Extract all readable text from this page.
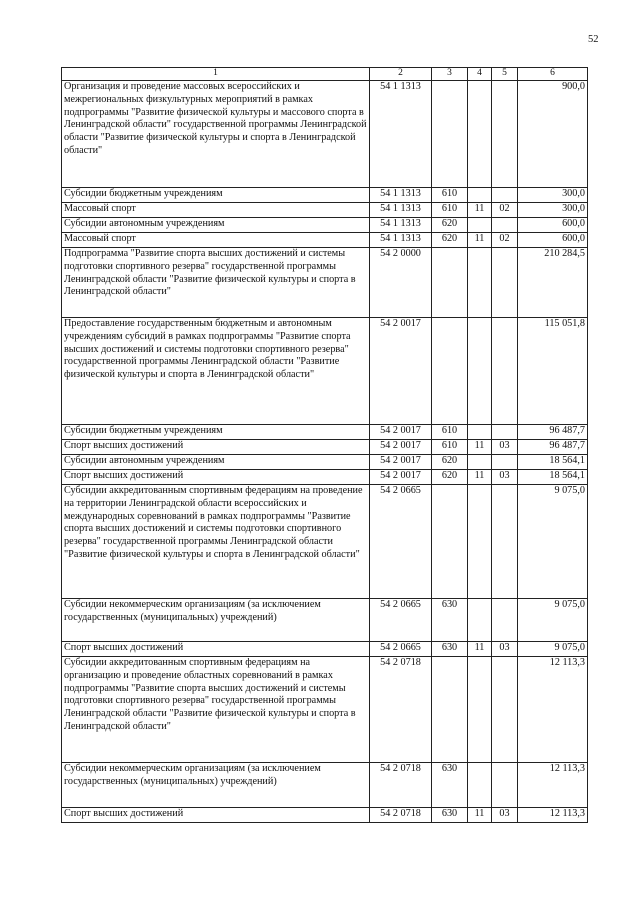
52
1	2	3	4	5	6
Организация и проведение массовых всероссийских и межрегиональных физкультурных мероприятий в рамках подпрограммы "Развитие физической культуры и массового спорта в Ленинградской области" государственной программы Ленинградской области "Развитие физической культуры и спорта в Ленинградской области"	54 1 1313				900,0
Субсидии бюджетным учреждениям	54 1 1313	610			300,0
Массовый спорт	54 1 1313	610	11	02	300,0
Субсидии автономным учреждениям	54 1 1313	620			600,0
Массовый спорт	54 1 1313	620	11	02	600,0
Подпрограмма "Развитие спорта высших достижений и системы подготовки спортивного резерва" государственной программы Ленинградской области "Развитие физической культуры и спорта в Ленинградской области"	54 2 0000				210 284,5
Предоставление государственным бюджетным и автономным учреждениям субсидий в рамках подпрограммы "Развитие спорта высших достижений и системы подготовки спортивного резерва" государственной программы Ленинградской области "Развитие физической культуры и спорта в Ленинградской области"	54 2 0017				115 051,8
Субсидии бюджетным учреждениям	54 2 0017	610			96 487,7
Спорт высших достижений	54 2 0017	610	11	03	96 487,7
Субсидии автономным учреждениям	54 2 0017	620			18 564,1
Спорт высших достижений	54 2 0017	620	11	03	18 564,1
Субсидии аккредитованным спортивным федерациям на проведение на территории Ленинградской области всероссийских и международных соревнований в рамках подпрограммы "Развитие спорта высших достижений и системы подготовки спортивного резерва" государственной программы Ленинградской области "Развитие физической культуры и спорта в Ленинградской области"	54 2 0665				9 075,0
Субсидии некоммерческим организациям (за исключением государственных (муниципальных) учреждений)	54 2 0665	630			9 075,0
Спорт высших достижений	54 2 0665	630	11	03	9 075,0
Субсидии аккредитованным спортивным федерациям на организацию и проведение областных соревнований в рамках подпрограммы "Развитие спорта высших достижений и системы подготовки спортивного резерва" государственной программы Ленинградской области "Развитие физической культуры и спорта в Ленинградской области"	54 2 0718				12 113,3
Субсидии некоммерческим организациям (за исключением государственных (муниципальных) учреждений)	54 2 0718	630			12 113,3
Спорт высших достижений	54 2 0718	630	11	03	12 113,3
